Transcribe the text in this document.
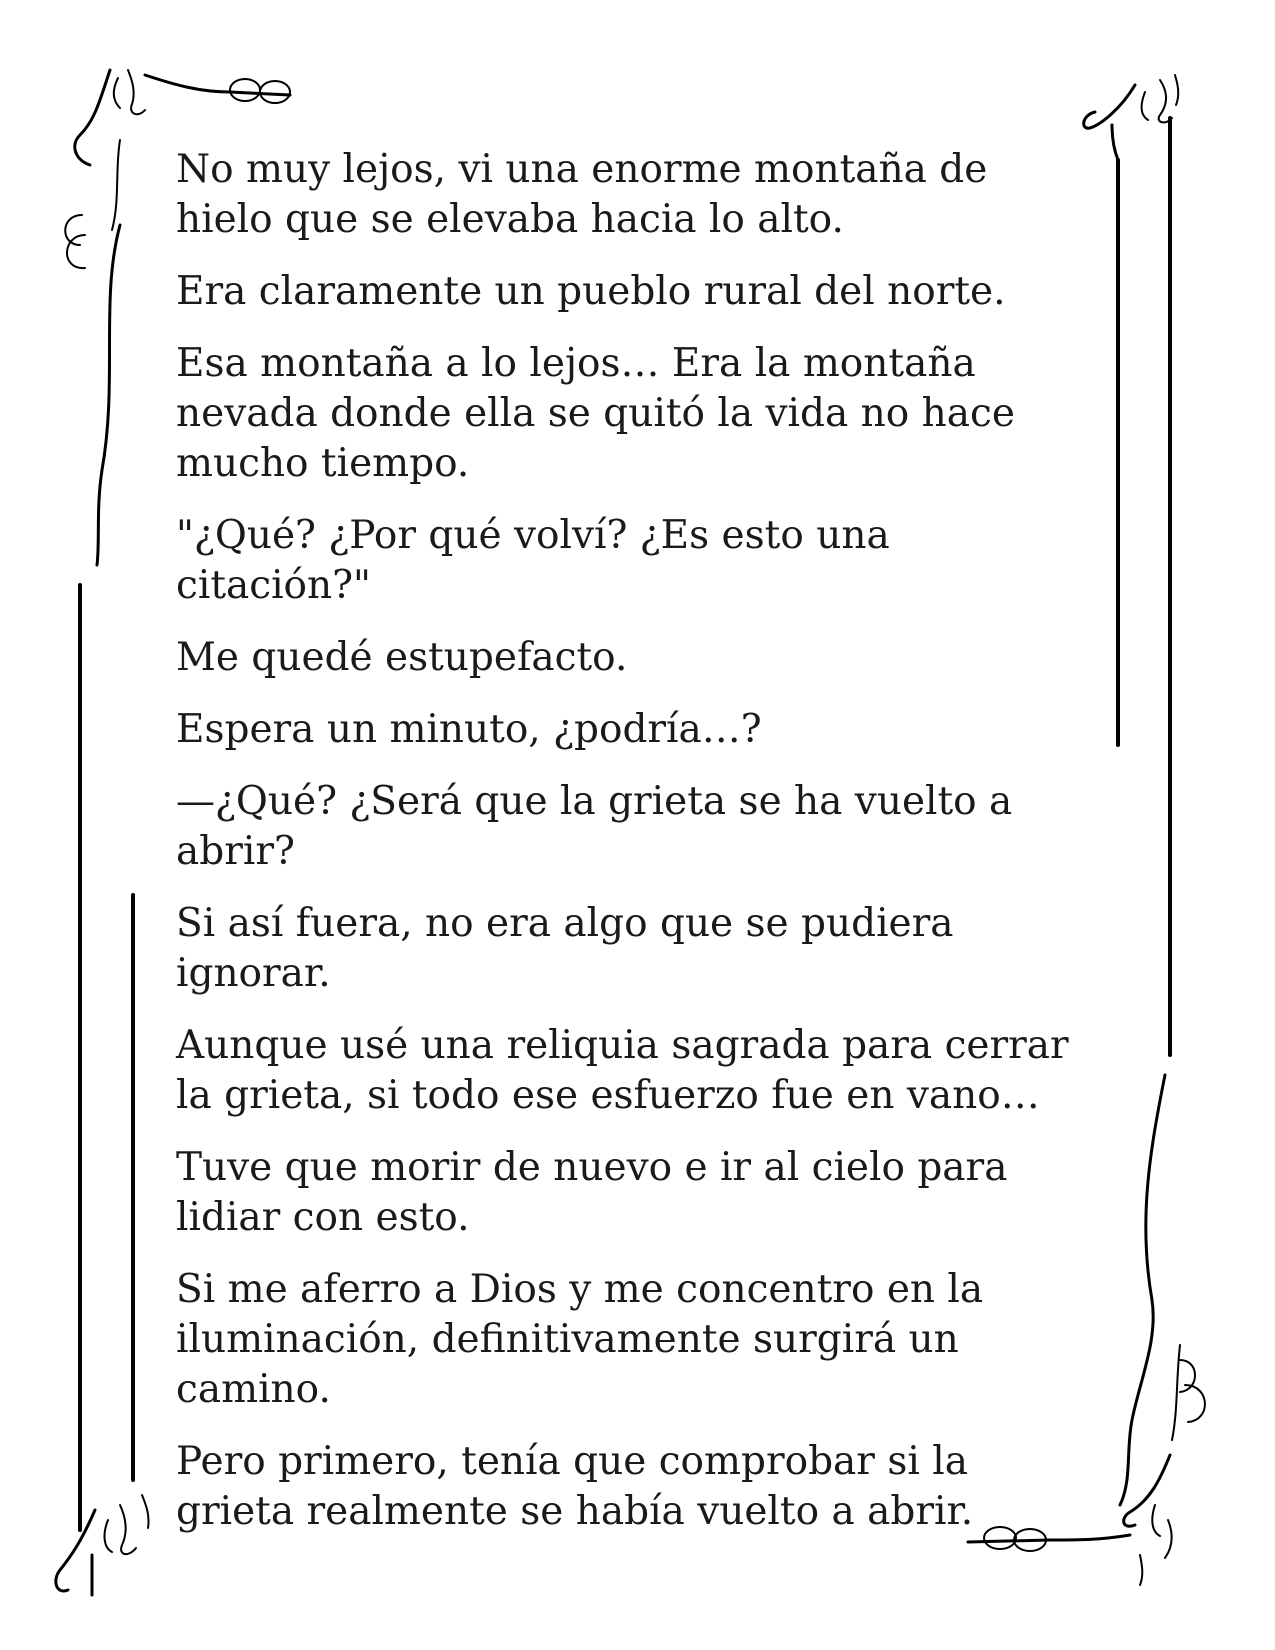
No muy lejos, vi una enorme montaña de hielo que se elevaba hacia lo alto.

Era claramente un pueblo rural del norte.

Esa montaña a lo lejos… Era la montaña nevada donde ella se quitó la vida no hace mucho tiempo.

"¿Qué? ¿Por qué volví? ¿Es esto una citación?"

Me quedé estupefacto.

Espera un minuto, ¿podría…?

—¿Qué? ¿Será que la grieta se ha vuelto a abrir?

Si así fuera, no era algo que se pudiera ignorar.

Aunque usé una reliquia sagrada para cerrar la grieta, si todo ese esfuerzo fue en vano…

Tuve que morir de nuevo e ir al cielo para lidiar con esto.

Si me aferro a Dios y me concentro en la iluminación, definitivamente surgirá un camino.

Pero primero, tenía que comprobar si la grieta realmente se había vuelto a abrir.
